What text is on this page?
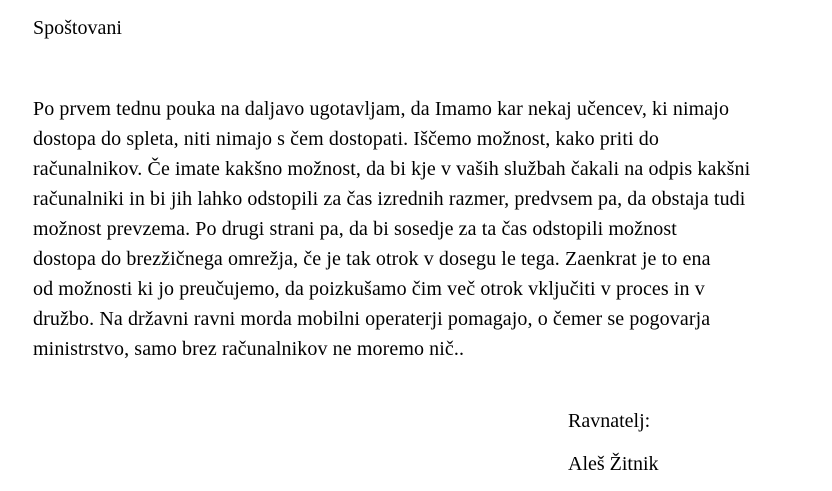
Spoštovani
Po prvem tednu pouka na daljavo ugotavljam, da Imamo kar nekaj učencev, ki nimajo
dostopa do spleta, niti nimajo s čem dostopati. Iščemo možnost, kako priti do
računalnikov. Če imate kakšno možnost, da bi kje v vaših službah čakali na odpis kakšni
računalniki in bi jih lahko odstopili za čas izrednih razmer, predvsem pa, da obstaja tudi
možnost prevzema. Po drugi strani pa, da bi sosedje za ta čas odstopili možnost
dostopa do brezžičnega omrežja, če je tak otrok v dosegu le tega. Zaenkrat je to ena
od možnosti ki jo preučujemo, da poizkušamo čim več otrok vključiti v proces in v
družbo. Na državni ravni morda mobilni operaterji pomagajo, o čemer se pogovarja
ministrstvo, samo brez računalnikov ne moremo nič..
Ravnatelj:
Aleš Žitnik
